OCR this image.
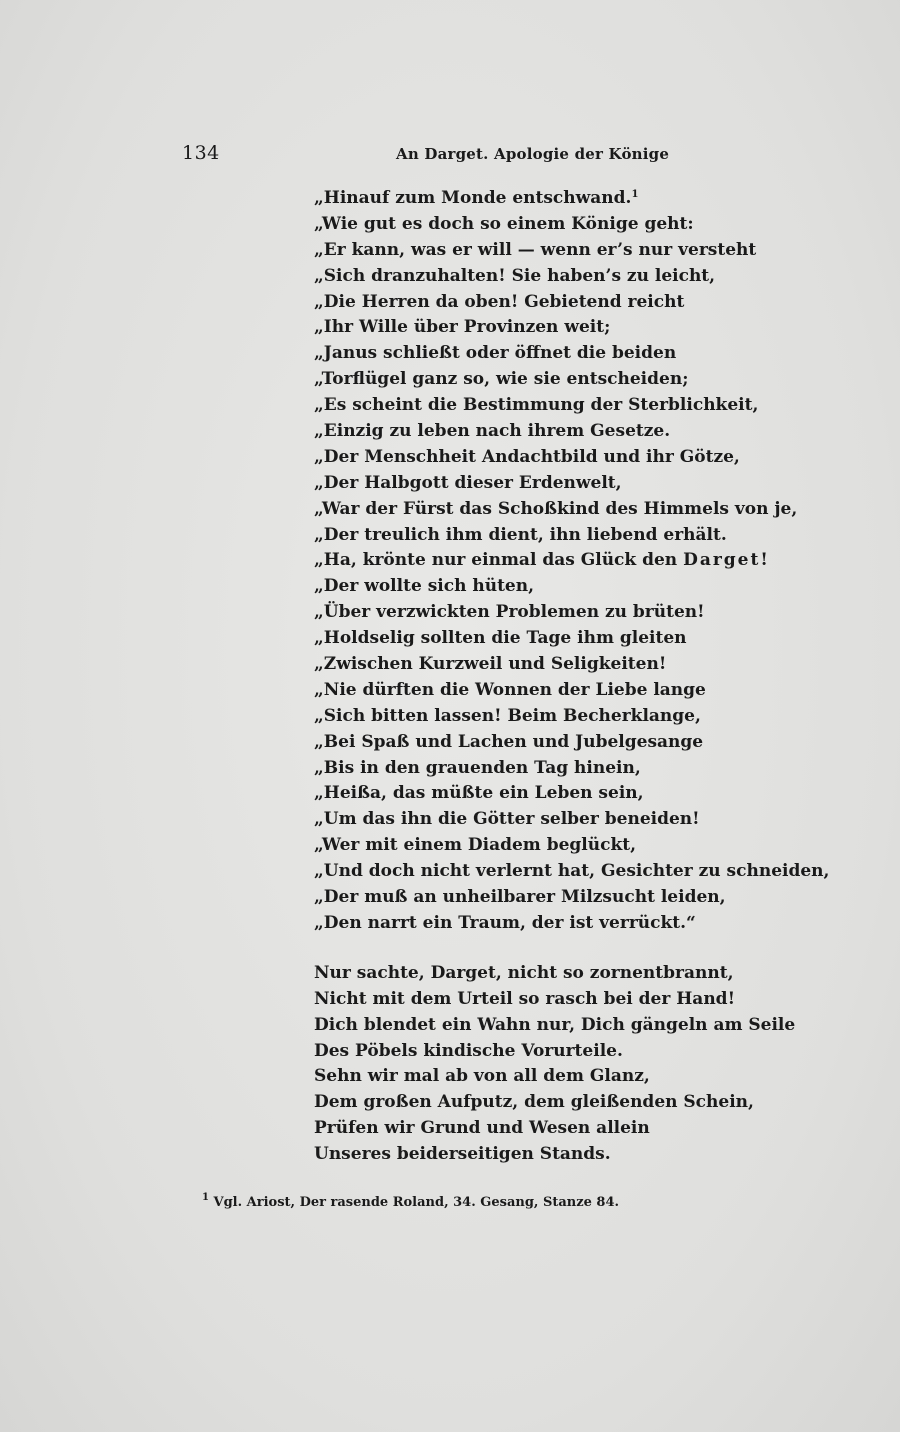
134	An Darget. Apologie der Könige
„Hinauf zum Monde entschwand.$^1$
„Wie gut es doch so einem Könige geht:
„Er kann, was er will — wenn er’s nur versteht
„Sich dranzuhalten! Sie haben’s zu leicht,
„Die Herren da oben! Gebietend reicht
„Ihr Wille über Provinzen weit;
„Janus schließt oder öffnet die beiden
„Torflügel ganz so, wie sie entscheiden;
„Es scheint die Bestimmung der Sterblichkeit,
„Einzig zu leben nach ihrem Gesetze.
„Der Menschheit Andachtbild und ihr Götze,
„Der Halbgott dieser Erdenwelt,
„War der Fürst das Schoßkind des Himmels von je,
„Der treulich ihm dient, ihn liebend erhält.
„Ha, krönte nur einmal das Glück den Darget!
„Der wollte sich hüten,
„Über verzwickten Problemen zu brüten!
„Holdselig sollten die Tage ihm gleiten
„Zwischen Kurzweil und Seligkeiten!
„Nie dürften die Wonnen der Liebe lange
„Sich bitten lassen! Beim Becherklange,
„Bei Spaß und Lachen und Jubelgesange
„Bis in den grauenden Tag hinein,
„Heißa, das müßte ein Leben sein,
„Um das ihn die Götter selber beneiden!
„Wer mit einem Diadem beglückt,
„Und doch nicht verlernt hat, Gesichter zu schneiden,
„Der muß an unheilbarer Milzsucht leiden,
„Den narrt ein Traum, der ist verrückt.“
Nur sachte, Darget, nicht so zornentbrannt,
Nicht mit dem Urteil so rasch bei der Hand!
Dich blendet ein Wahn nur, Dich gängeln am Seile
Des Pöbels kindische Vorurteile.
Sehn wir mal ab von all dem Glanz,
Dem großen Aufputz, dem gleißenden Schein,
Prüfen wir Grund und Wesen allein
Unseres beiderseitigen Stands.
$^1$ Vgl. Ariost, Der rasende Roland, 34. Gesang, Stanze 84.
